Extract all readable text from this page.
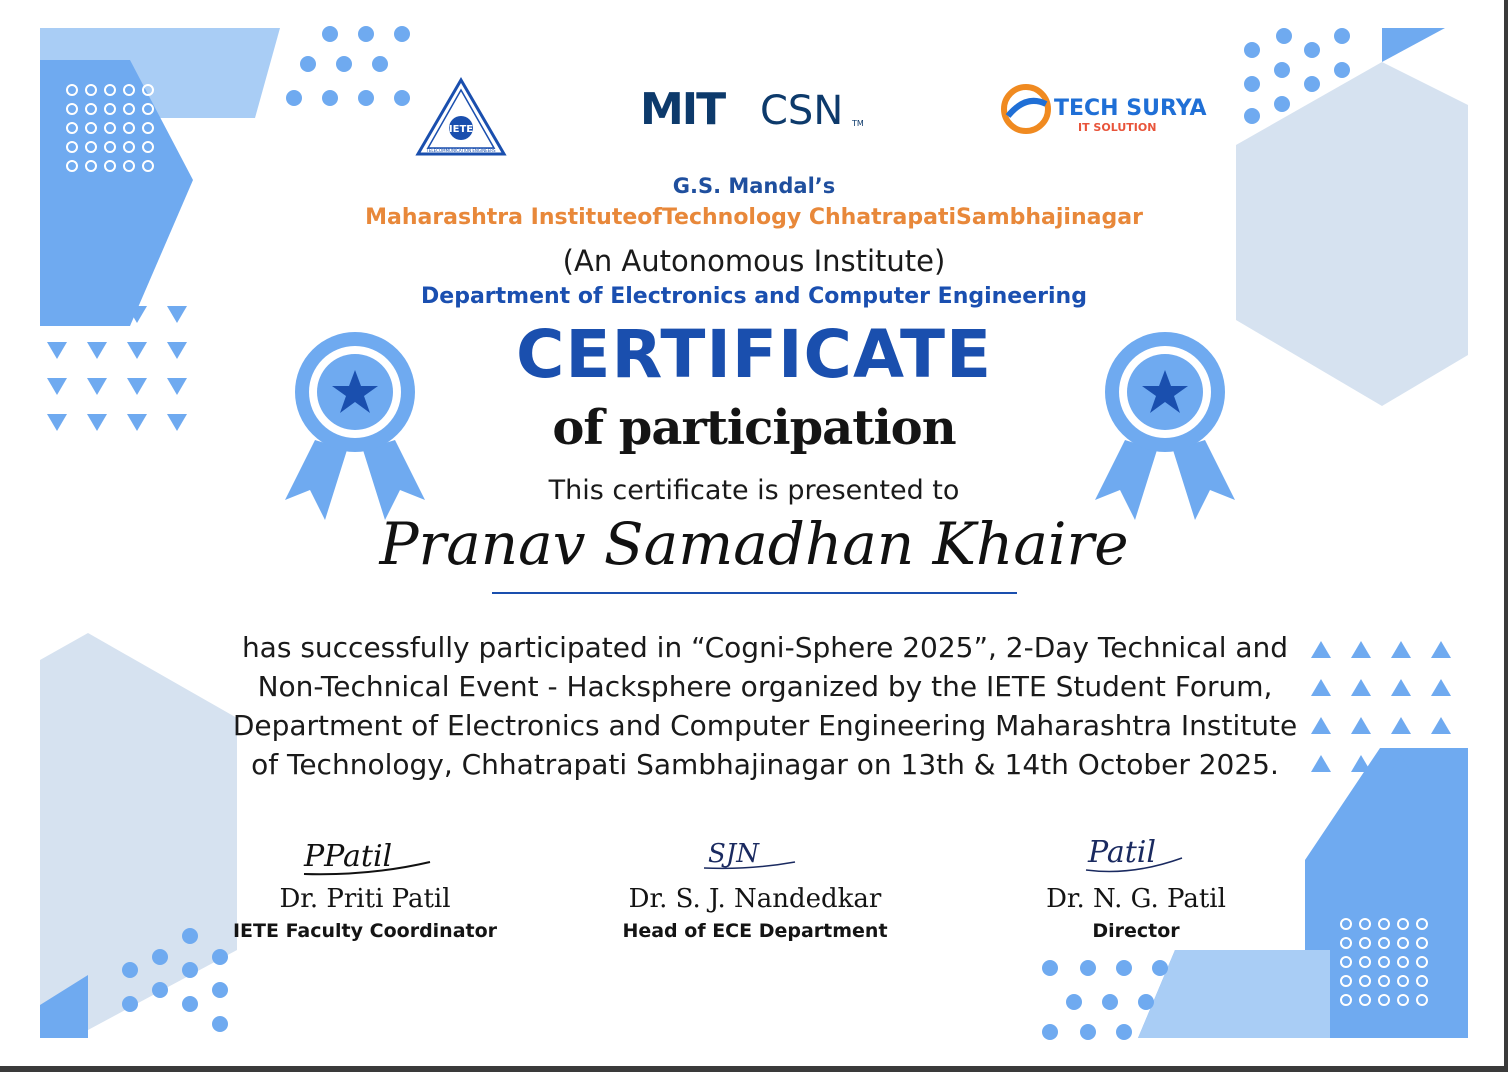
IETE
TELECOMMUNICATION ENGINEERS
MIT CSN TM
TECH SURYA
IT SOLUTION

G.S. Mandal’s

Maharashtra InstituteofTechnology ChhatrapatiSambhajinagar

(An Autonomous Institute)

Department of Electronics and Computer Engineering

CERTIFICATE

of participation

This certificate is presented to

Pranav Samadhan Khaire

has successfully participated in “Cogni-Sphere 2025”, 2-Day Technical and
Non-Technical Event - Hacksphere organized by the IETE Student Forum,
Department of Electronics and Computer Engineering Maharashtra Institute
of Technology, Chhatrapati Sambhajinagar on 13th & 14th October 2025.
PPatil	SJN	Patil

Dr. Priti Patil

IETE Faculty Coordinator

Dr. S. J. Nandedkar

Head of ECE Department

Dr. N. G. Patil

Director
